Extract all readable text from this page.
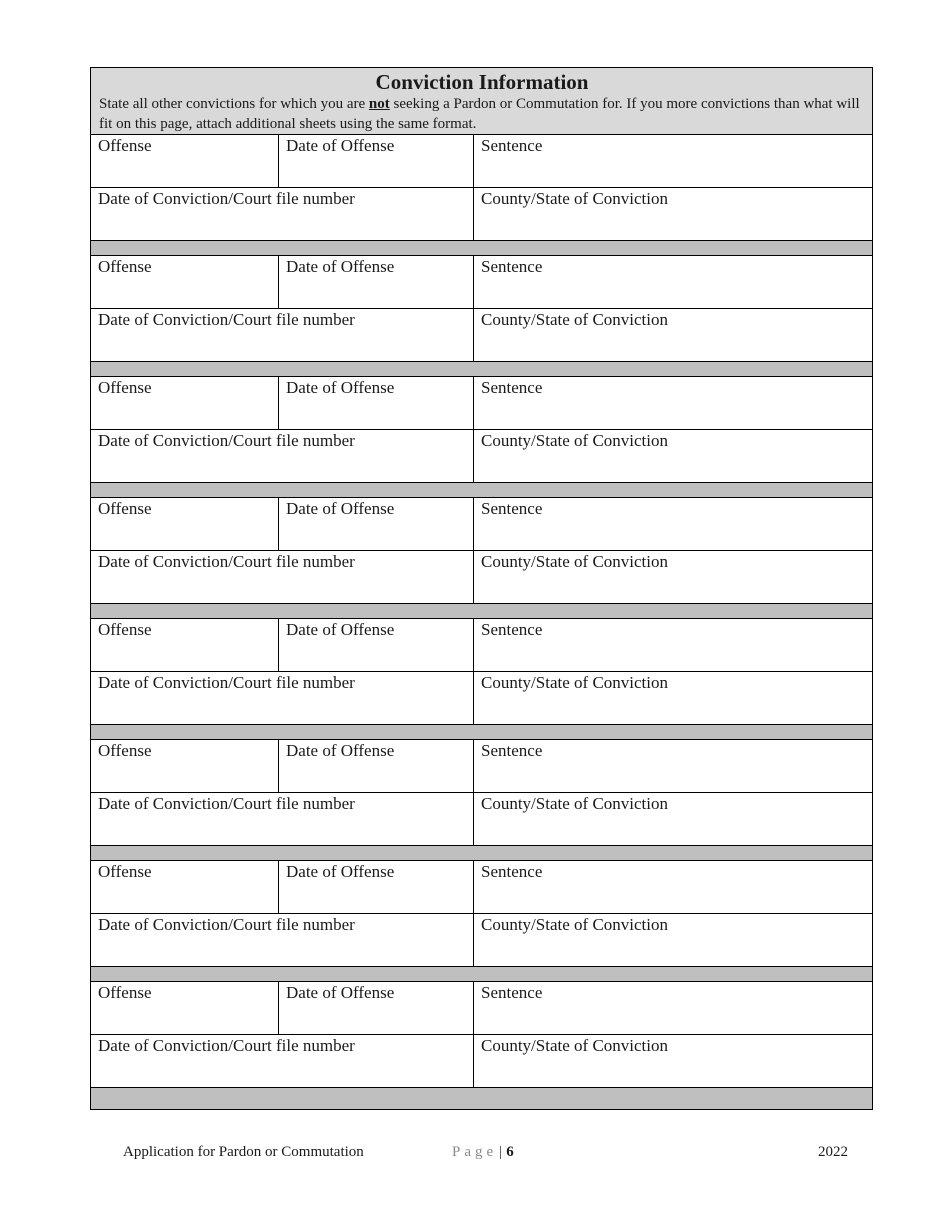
Conviction Information
State all other convictions for which you are not seeking a Pardon or Commutation for. If you more convictions than what will fit on this page, attach additional sheets using the same format.		

Offense	Date of Offense	Sentence

Date of Conviction/Court file number		County/State of Conviction

Offense	Date of Offense	Sentence

Date of Conviction/Court file number		County/State of Conviction

Offense	Date of Offense	Sentence

Date of Conviction/Court file number		County/State of Conviction

Offense	Date of Offense	Sentence

Date of Conviction/Court file number		County/State of Conviction

Offense	Date of Offense	Sentence

Date of Conviction/Court file number		County/State of Conviction

Offense	Date of Offense	Sentence

Date of Conviction/Court file number		County/State of Conviction

Offense	Date of Offense	Sentence

Date of Conviction/Court file number		County/State of Conviction

Offense	Date of Offense	Sentence

Date of Conviction/Court file number		County/State of Conviction

Application for Pardon or Commutation	Page | 6	2022
